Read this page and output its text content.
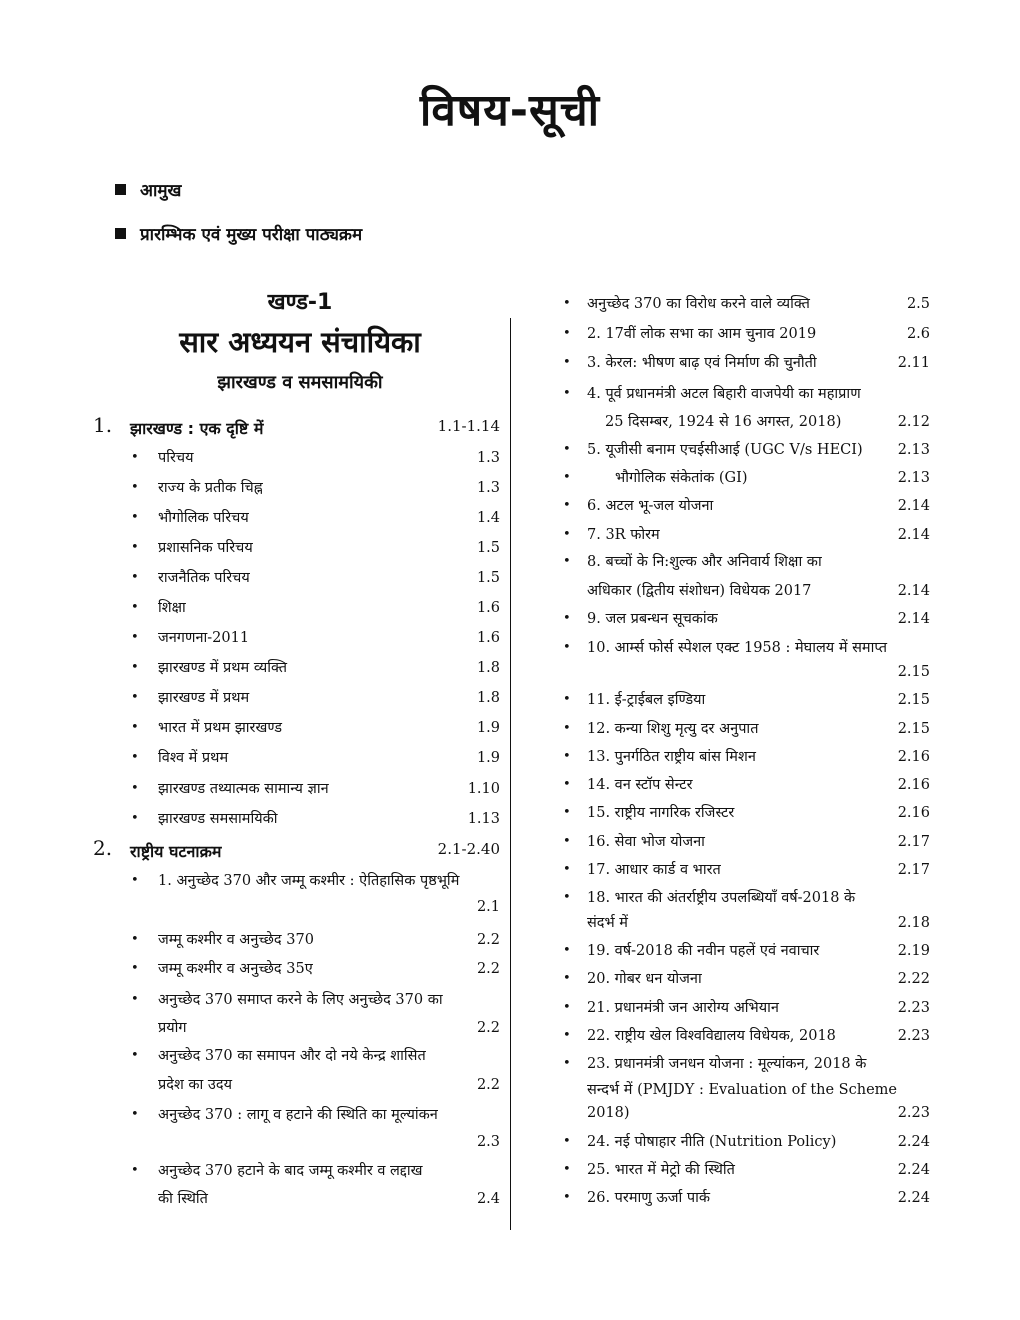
विषय-सूची
आमुख
प्रारम्भिक एवं मुख्य परीक्षा पाठ्यक्रम
खण्ड-1
सार अध्ययन संचायिका
झारखण्ड व समसामयिकी
1. झारखण्ड : एक दृष्टि में	1.1-1.14
• परिचय	1.3
• राज्य के प्रतीक चिह्न	1.3
• भौगोलिक परिचय	1.4
• प्रशासनिक परिचय	1.5
• राजनैतिक परिचय	1.5
• शिक्षा	1.6
• जनगणना-2011	1.6
• झारखण्ड में प्रथम व्यक्ति	1.8
• झारखण्ड में प्रथम	1.8
• भारत में प्रथम झारखण्ड	1.9
• विश्व में प्रथम	1.9
• झारखण्ड तथ्यात्मक सामान्य ज्ञान	1.10
• झारखण्ड समसामयिकी	1.13
2. राष्ट्रीय घटनाक्रम	2.1-2.40
• 1. अनुच्छेद 370 और जम्मू कश्मीर : ऐतिहासिक पृष्ठभूमि
2.1
• जम्मू कश्मीर व अनुच्छेद 370	2.2
• जम्मू कश्मीर व अनुच्छेद 35ए	2.2
• अनुच्छेद 370 समाप्त करने के लिए अनुच्छेद 370 का
प्रयोग	2.2
• अनुच्छेद 370 का समापन और दो नये केन्द्र शासित
प्रदेश का उदय	2.2
• अनुच्छेद 370 : लागू व हटाने की स्थिति का मूल्यांकन
2.3
• अनुच्छेद 370 हटाने के बाद जम्मू कश्मीर व लद्दाख
की स्थिति	2.4
• अनुच्छेद 370 का विरोध करने वाले व्यक्ति	2.5
• 2. 17वीं लोक सभा का आम चुनाव 2019	2.6
• 3. केरल: भीषण बाढ़ एवं निर्माण की चुनौती	2.11
• 4. पूर्व प्रधानमंत्री अटल बिहारी वाजपेयी का महाप्राण
25 दिसम्बर, 1924 से 16 अगस्त, 2018)	2.12
• 5. यूजीसी बनाम एचईसीआई (UGC V/s HECI)	2.13
•	भौगोलिक संकेतांक (GI)	2.13
• 6. अटल भू-जल योजना	2.14
• 7. 3R फोरम	2.14
• 8. बच्चों के नि:शुल्क और अनिवार्य शिक्षा का
अधिकार (द्वितीय संशोधन) विधेयक 2017	2.14
• 9. जल प्रबन्धन सूचकांक	2.14
• 10. आर्म्स फोर्स स्पेशल एक्ट 1958 : मेघालय में समाप्त
2.15
• 11. ई-ट्राईबल इण्डिया	2.15
• 12. कन्या शिशु मृत्यु दर अनुपात	2.15
• 13. पुनर्गठित राष्ट्रीय बांस मिशन	2.16
• 14. वन स्टॉप सेन्टर	2.16
• 15. राष्ट्रीय नागरिक रजिस्टर	2.16
• 16. सेवा भोज योजना	2.17
• 17. आधार कार्ड व भारत	2.17
• 18. भारत की अंतर्राष्ट्रीय उपलब्धियाँ वर्ष-2018 के
संदर्भ में	2.18
• 19. वर्ष-2018 की नवीन पहलें एवं नवाचार	2.19
• 20. गोबर धन योजना	2.22
• 21. प्रधानमंत्री जन आरोग्य अभियान	2.23
• 22. राष्ट्रीय खेल विश्वविद्यालय विधेयक, 2018	2.23
• 23. प्रधानमंत्री जनधन योजना : मूल्यांकन, 2018 के
सन्दर्भ में (PMJDY : Evaluation of the Scheme
2018)	2.23
• 24. नई पोषाहार नीति (Nutrition Policy)	2.24
• 25. भारत में मेट्रो की स्थिति	2.24
• 26. परमाणु ऊर्जा पार्क	2.24
